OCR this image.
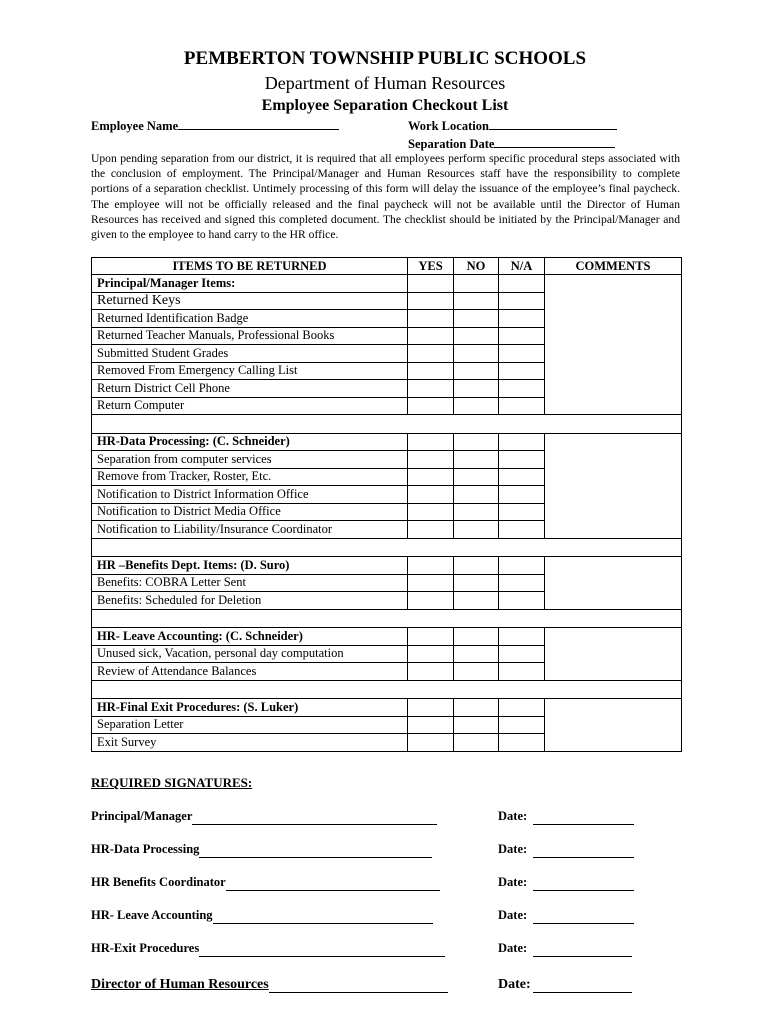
PEMBERTON TOWNSHIP PUBLIC SCHOOLS
Department of Human Resources
Employee Separation Checkout List
Employee Name	Work Location
Separation Date
Upon pending separation from our district, it is required that all employees perform specific procedural steps associated with the conclusion of employment. The Principal/Manager and Human Resources staff have the responsibility to complete portions of a separation checklist. Untimely processing of this form will delay the issuance of the employee’s final paycheck. The employee will not be officially released and the final paycheck will not be available until the Director of Human Resources has received and signed this completed document. The checklist should be initiated by the Principal/Manager and given to the employee to hand carry to the HR office.
ITEMS TO BE RETURNED	YES	NO	N/A	COMMENTS
Principal/Manager Items:				
Returned Keys				
Returned Identification Badge				
Returned Teacher Manuals, Professional Books				
Submitted Student Grades				
Removed From Emergency Calling List				
Return District Cell Phone				
Return Computer				

HR-Data Processing: (C. Schneider)				
Separation from computer services				
Remove from Tracker, Roster, Etc.				
Notification to District Information Office				
Notification to District Media Office				
Notification to Liability/Insurance Coordinator				

HR –Benefits Dept. Items: (D. Suro)				
Benefits: COBRA Letter Sent				
Benefits: Scheduled for Deletion				

HR- Leave Accounting: (C. Schneider)				
Unused sick, Vacation, personal day computation				
Review of Attendance Balances				

HR-Final Exit Procedures: (S. Luker)				
Separation Letter				
Exit Survey				
REQUIRED SIGNATURES:
Principal/Manager	Date:
HR-Data Processing	Date:
HR Benefits Coordinator	Date:
HR- Leave Accounting	Date:
HR-Exit Procedures	Date:
Director of Human Resources	Date:
